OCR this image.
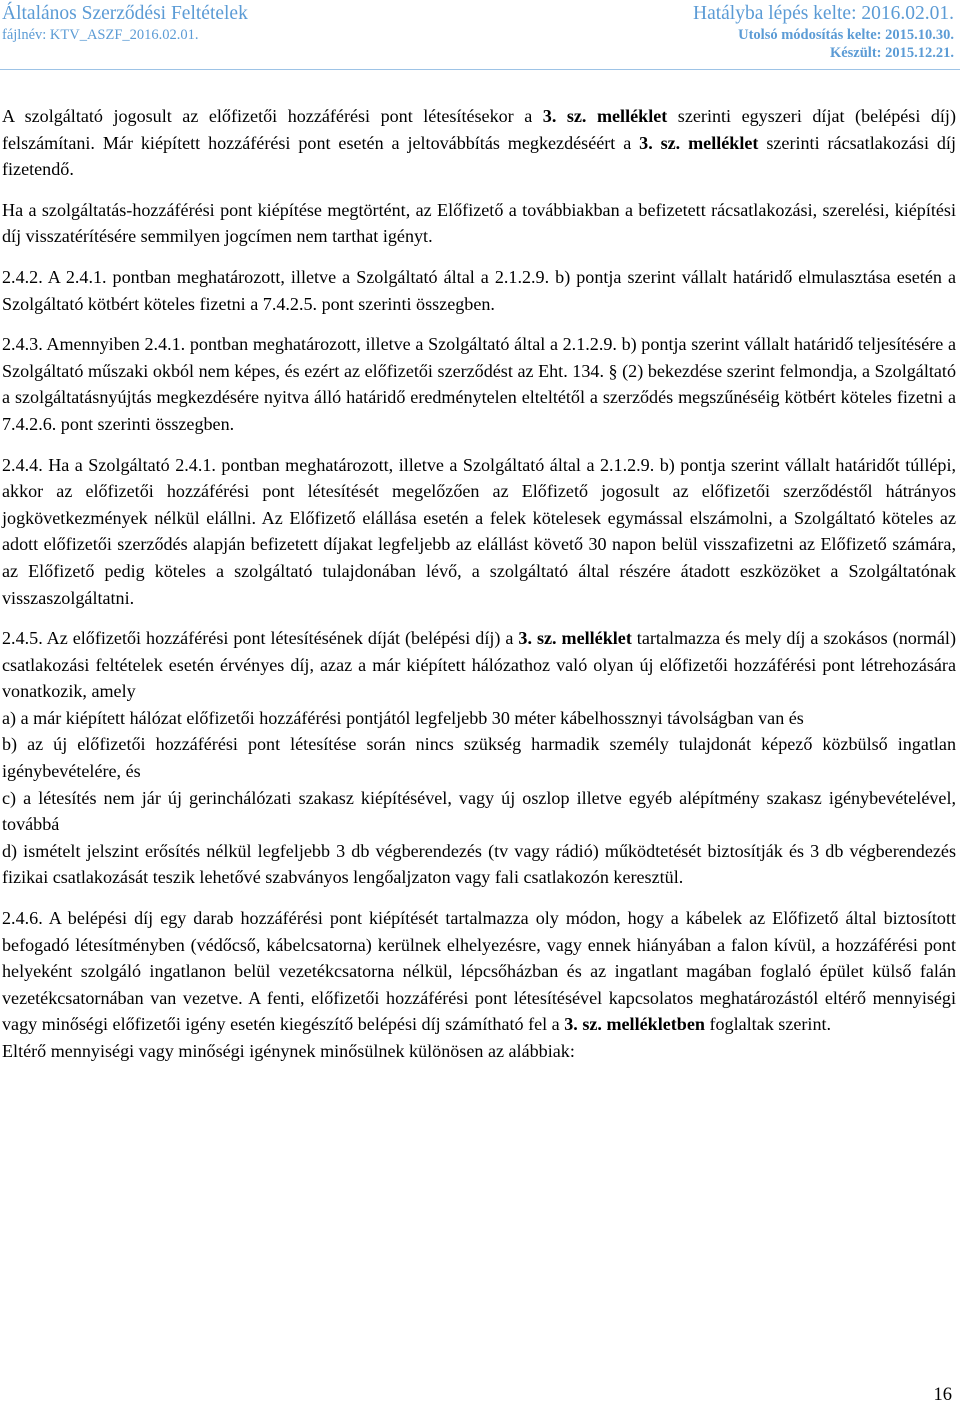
Általános Szerződési Feltételek
fájlnév: KTV_ASZF_2016.02.01.
Hatályba lépés kelte: 2016.02.01.
Utolsó módosítás kelte: 2015.10.30.
Készült: 2015.12.21.

A szolgáltató jogosult az előfizetői hozzáférési pont létesítésekor a 3. sz. melléklet szerinti egyszeri díjat (belépési díj) felszámítani. Már kiépített hozzáférési pont esetén a jeltovábbítás megkezdéséért a 3. sz. melléklet szerinti rácsatlakozási díj fizetendő.

Ha a szolgáltatás-hozzáférési pont kiépítése megtörtént, az Előfizető a továbbiakban a befizetett rácsatlakozási, szerelési, kiépítési díj visszatérítésére semmilyen jogcímen nem tarthat igényt.

2.4.2. A 2.4.1. pontban meghatározott, illetve a Szolgáltató által a 2.1.2.9. b) pontja szerint vállalt határidő elmulasztása esetén a Szolgáltató kötbért köteles fizetni a 7.4.2.5. pont szerinti összegben.

2.4.3. Amennyiben 2.4.1. pontban meghatározott, illetve a Szolgáltató által a 2.1.2.9. b) pontja szerint vállalt határidő teljesítésére a Szolgáltató műszaki okból nem képes, és ezért az előfizetői szerződést az Eht. 134. § (2) bekezdése szerint felmondja, a Szolgáltató a szolgáltatásnyújtás megkezdésére nyitva álló határidő eredménytelen elteltétől a szerződés megszűnéséig kötbért köteles fizetni a 7.4.2.6. pont szerinti összegben.

2.4.4. Ha a Szolgáltató 2.4.1. pontban meghatározott, illetve a Szolgáltató által a 2.1.2.9. b) pontja szerint vállalt határidőt túllépi, akkor az előfizetői hozzáférési pont létesítését megelőzően az Előfizető jogosult az előfizetői szerződéstől hátrányos jogkövetkezmények nélkül elállni. Az Előfizető elállása esetén a felek kötelesek egymással elszámolni, a Szolgáltató köteles az adott előfizetői szerződés alapján befizetett díjakat legfeljebb az elállást követő 30 napon belül visszafizetni az Előfizető számára, az Előfizető pedig köteles a szolgáltató tulajdonában lévő, a szolgáltató által részére átadott eszközöket a Szolgáltatónak visszaszolgáltatni.

2.4.5. Az előfizetői hozzáférési pont létesítésének díját (belépési díj) a 3. sz. melléklet tartalmazza és mely díj a szokásos (normál) csatlakozási feltételek esetén érvényes díj, azaz a már kiépített hálózathoz való olyan új előfizetői hozzáférési pont létrehozására vonatkozik, amely

a) a már kiépített hálózat előfizetői hozzáférési pontjától legfeljebb 30 méter kábelhossznyi távolságban van és

b) az új előfizetői hozzáférési pont létesítése során nincs szükség harmadik személy tulajdonát képező közbülső ingatlan igénybevételére, és

c) a létesítés nem jár új gerinchálózati szakasz kiépítésével, vagy új oszlop illetve egyéb alépítmény szakasz igénybevételével, továbbá

d) ismételt jelszint erősítés nélkül legfeljebb 3 db végberendezés (tv vagy rádió) működtetését biztosítják és 3 db végberendezés fizikai csatlakozását teszik lehetővé szabványos lengőaljzaton vagy fali csatlakozón keresztül.

2.4.6. A belépési díj egy darab hozzáférési pont kiépítését tartalmazza oly módon, hogy a kábelek az Előfizető által biztosított befogadó létesítményben (védőcső, kábelcsatorna) kerülnek elhelyezésre, vagy ennek hiányában a falon kívül, a hozzáférési pont helyeként szolgáló ingatlanon belül vezetékcsatorna nélkül, lépcsőházban és az ingatlant magában foglaló épület külső falán vezetékcsatornában van vezetve. A fenti, előfizetői hozzáférési pont létesítésével kapcsolatos meghatározástól eltérő mennyiségi vagy minőségi előfizetői igény esetén kiegészítő belépési díj számítható fel a 3. sz. mellékletben foglaltak szerint.

Eltérő mennyiségi vagy minőségi igénynek minősülnek különösen az alábbiak:

16
